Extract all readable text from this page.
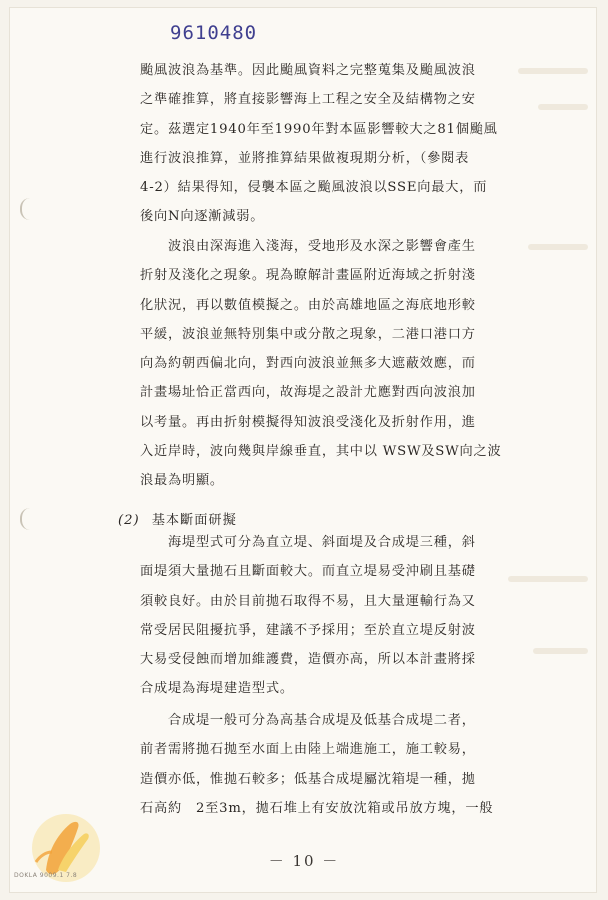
9610480
颱風波浪為基準。因此颱風資料之完整蒐集及颱風波浪
之準確推算，將直接影響海上工程之安全及結構物之安
定。茲選定1940年至1990年對本區影響較大之81個颱風
進行波浪推算，並將推算結果做複現期分析，（參閱表
4-2）結果得知，侵襲本區之颱風波浪以SSE向最大，而
後向N向逐漸減弱。
　　波浪由深海進入淺海，受地形及水深之影響會產生
折射及淺化之現象。現為瞭解計畫區附近海域之折射淺
化狀況，再以數值模擬之。由於高雄地區之海底地形較
平緩，波浪並無特別集中或分散之現象，二港口港口方
向為約朝西偏北向，對西向波浪並無多大遮蔽效應，而
計畫場址恰正當西向，故海堤之設計尤應對西向波浪加
以考量。再由折射模擬得知波浪受淺化及折射作用，進
入近岸時，波向幾與岸線垂直，其中以 WSW及SW向之波
浪最為明顯。
　　海堤型式可分為直立堤、斜面堤及合成堤三種，斜
面堤須大量拋石且斷面較大。而直立堤易受沖刷且基礎
須較良好。由於目前拋石取得不易，且大量運輸行為又
常受居民阻擾抗爭，建議不予採用；至於直立堤反射波
大易受侵蝕而增加維護費，造價亦高，所以本計畫將採
合成堤為海堤建造型式。
　　合成堤一般可分為高基合成堤及低基合成堤二者，
前者需將拋石拋至水面上由陸上端進施工，施工較易，
造價亦低，惟拋石較多；低基合成堤屬沈箱堤一種，拋
石高約　2至3m，拋石堆上有安放沈箱或吊放方塊，一般
(2) 基本斷面研擬
－ 10 －
DOKLA 9009.1 7.8
